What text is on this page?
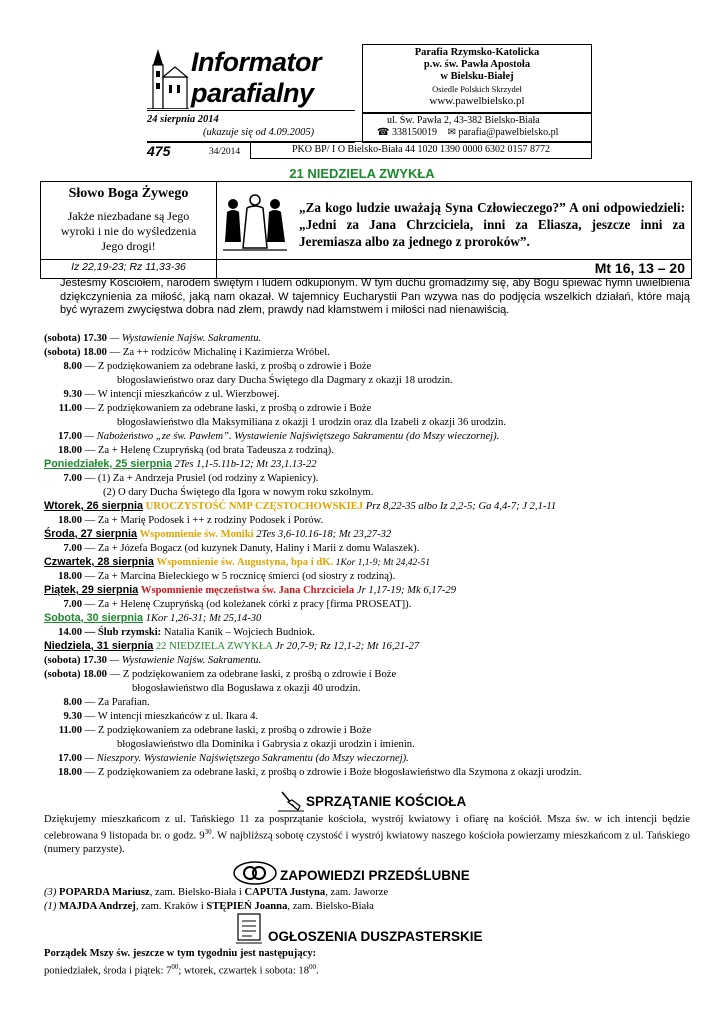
Informator
parafialny
24 sierpnia 2014
(ukazuje się od 4.09.2005)
475	34/2014
Parafia Rzymsko-Katolicka
p.w. św. Pawła Apostoła
w Bielsku-Białej
Osiedle Polskich Skrzydeł
www.pawelbielsko.pl
ul. Św. Pawła 2, 43-382 Bielsko-Biała
☎ 338150019 ✉ parafia@pawelbielsko.pl
PKO BP/ I O Bielsko-Biała 44 1020 1390 0000 6302 0157 8772
21 NIEDZIELA ZWYKŁA
Słowo Boga Żywego
Jakże niezbadane są Jego wyroki i nie do wyśledzenia Jego drogi!
Iz 22,19-23; Rz 11,33-36
„Za kogo ludzie uważają Syna Człowieczego?” A oni odpowiedzieli: „Jedni za Jana Chrzciciela, inni za Eliasza, jeszcze inni za Jeremiasza albo za jednego z proroków”.
Mt 16, 13 – 20
Jesteśmy Kościołem, narodem świętym i ludem odkupionym. W tym duchu gromadzimy się, aby Bogu śpiewać hymn uwielbienia dziękczynienia za miłość, jaką nam okazał. W tajemnicy Eucharystii Pan wzywa nas do podjęcia wszelkich działań, które mają być wyrazem zwycięstwa dobra nad złem, prawdy nad kłamstwem i miłości nad nienawiścią.
(sobota) 17.30 — Wystawienie Najśw. Sakramentu.
(sobota) 18.00 — Za ++ rodziców Michalinę i Kazimierza Wróbel.
8.00 — Z podziękowaniem za odebrane łaski, z prośbą o zdrowie i Boże
błogosławieństwo oraz dary Ducha Świętego dla Dagmary z okazji 18 urodzin.
9.30 — W intencji mieszkańców z ul. Wierzbowej.
11.00 — Z podziękowaniem za odebrane łaski, z prośbą o zdrowie i Boże
błogosławieństwo dla Maksymiliana z okazji 1 urodzin oraz dla Izabeli z okazji 36 urodzin.
17.00 — Nabożeństwo „ze św. Pawłem”. Wystawienie Najświętszego Sakramentu (do Mszy wieczornej).
18.00 — Za + Helenę Czupryńską (od brata Tadeusza z rodziną).
Poniedziałek, 25 sierpnia 2Tes 1,1-5.11b-12; Mt 23,1.13-22
7.00 — (1) Za + Andrzeja Prusiel (od rodziny z Wapienicy).
(2) O dary Ducha Świętego dla Igora w nowym roku szkolnym.
Wtorek, 26 sierpnia UROCZYSTOŚĆ NMP CZĘSTOCHOWSKIEJ Prz 8,22-35 albo Iz 2,2-5; Ga 4,4-7; J 2,1-11
18.00 — Za + Marię Podosek i ++ z rodziny Podosek i Porów.
Środa, 27 sierpnia Wspomnienie św. Moniki 2Tes 3,6-10.16-18; Mt 23,27-32
7.00 — Za + Józefa Bogacz (od kuzynek Danuty, Haliny i Marii z domu Walaszek).
Czwartek, 28 sierpnia Wspomnienie św. Augustyna, bpa i dK. 1Kor 1,1-9; Mt 24,42-51
18.00 — Za + Marcina Bieleckiego w 5 rocznicę śmierci (od siostry z rodziną).
Piątek, 29 sierpnia Wspomnienie męczeństwa św. Jana Chrzciciela Jr 1,17-19; Mk 6,17-29
7.00 — Za + Helenę Czupryńską (od koleżanek córki z pracy [firma PROSEAT]).
Sobota, 30 sierpnia 1Kor 1,26-31; Mt 25,14-30
14.00 — Ślub rzymski: Natalia Kanik – Wojciech Budniok.
Niedziela, 31 sierpnia 22 NIEDZIELA ZWYKŁA Jr 20,7-9; Rz 12,1-2; Mt 16,21-27
(sobota) 17.30 — Wystawienie Najśw. Sakramentu.
(sobota) 18.00 — Z podziękowaniem za odebrane łaski, z prośbą o zdrowie i Boże
błogosławieństwo dla Bogusława z okazji 40 urodzin.
8.00 — Za Parafian.
9.30 — W intencji mieszkańców z ul. Ikara 4.
11.00 — Z podziękowaniem za odebrane łaski, z prośbą o zdrowie i Boże
błogosławieństwo dla Dominika i Gabrysia z okazji urodzin i imienin.
17.00 — Nieszpory. Wystawienie Najświętszego Sakramentu (do Mszy wieczornej).
18.00 — Z podziękowaniem za odebrane łaski, z prośbą o zdrowie i Boże błogosławieństwo dla Szymona z okazji urodzin.
SPRZĄTANIE KOŚCIOŁA
Dziękujemy mieszkańcom z ul. Tańskiego 11 za posprzątanie kościoła, wystrój kwiatowy i ofiarę na kościół. Msza św. w ich intencji będzie celebrowana 9 listopada br. o godz. $9^{30}$. W najbliższą sobotę czystość i wystrój kwiatowy naszego kościoła powierzamy mieszkańcom z ul. Tańskiego (numery parzyste).
ZAPOWIEDZI PRZEDŚLUBNE
(3) POPARDA Mariusz, zam. Bielsko-Biała i CAPUTA Justyna, zam. Jaworze
(1) MAJDA Andrzej, zam. Kraków i STĘPIEŃ Joanna, zam. Bielsko-Biała
OGŁOSZENIA DUSZPASTERSKIE
Porządek Mszy św. jeszcze w tym tygodniu jest następujący:
poniedziałek, środa i piątek: $7^{00}$; wtorek, czwartek i sobota: $18^{00}$.
